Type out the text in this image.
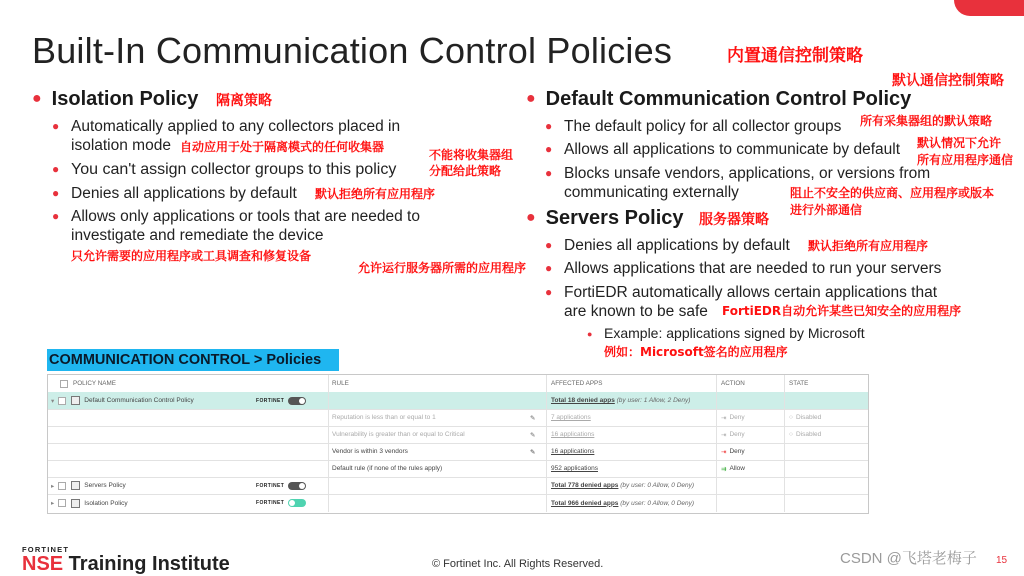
Built-In Communication Control Policies	内置通信控制策略
● Isolation Policy 隔离策略
● Automatically applied to any collectors placed in
isolation mode 自动应用于处于隔离模式的任何收集器
● You can't assign collector groups to this policy
不能将收集器组
分配给此策略
● Denies all applications by default 默认拒绝所有应用程序
● Allows only applications or tools that are needed to
investigate and remediate the device
只允许需要的应用程序或工具调查和修复设备
默认通信控制策略
● Default Communication Control Policy
● The default policy for all collector groups 所有采集器组的默认策略
● Allows all applications to communicate by default 默认情况下允许
所有应用程序通信
● Blocks unsafe vendors, applications, or versions from
communicating externally	阻止不安全的供应商、应用程序或版本
进行外部通信
● Servers Policy 服务器策略
● Denies all applications by default 默认拒绝所有应用程序
● Allows applications that are needed to run your servers
允许运行服务器所需的应用程序
● FortiEDR automatically allows certain applications that
are known to be safe	FortiEDR自动允许某些已知安全的应用程序
● Example: applications signed by Microsoft
例如：Microsoft签名的应用程序
COMMUNICATION CONTROL > Policies
POLICY NAME	RULE	AFFECTED APPS	ACTION	STATE
▾	Default Communication Control Policy	FORTINET	Total 18 denied apps
(by user: 1 Allow, 2 Deny)
Reputation is less than or equal to 1	✎ 7 applications	⇥ Deny	○ Disabled
Vulnerability is greater than or equal to Critical	✎ 16 applications	⇥ Deny	○ Disabled
Vendor is within 3 vendors	✎ 16 applications	⇥ Deny
Default rule (if none of the rules apply)	952 applications	⇉ Allow
▸	Servers Policy	FORTINET	Total 778 denied apps
(by user: 0 Allow, 0 Deny)
▸	Isolation Policy	FORTINET	Total 966 denied apps
(by user: 0 Allow, 0 Deny)
FORTINET
NSE Training Institute	© Fortinet Inc. All Rights Reserved.	CSDN @飞塔老梅子 15
